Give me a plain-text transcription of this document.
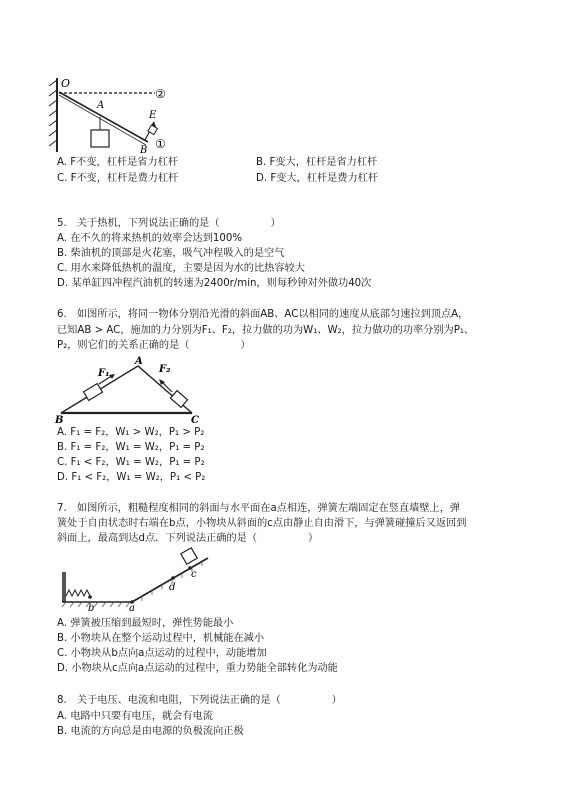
O
②
A
E
B ①
A. F不变，杠杆是省力杠杆	B. F变大，杠杆是省力杠杆
C. F不变，杠杆是费力杠杆	D. F变大，杠杆是费力杠杆
5.　关于热机，下列说法正确的是（　　　　　）
A. 在不久的将来热机的效率会达到100%
B. 柴油机的顶部是火花塞，吸气冲程吸入的是空气
C. 用水来降低热机的温度，主要是因为水的比热容较大
D. 某单缸四冲程汽油机的转速为2400r/min，则每秒钟对外做功40次
6.　如图所示，将同一物体分别沿光滑的斜面AB、AC以相同的速度从底部匀速拉到顶点A，
已知AB > AC，施加的力分别为F₁、F₂，拉力做的功为W₁、W₂，拉力做功的功率分别为P₁、
P₂，则它们的关系正确的是（　　　　　）
A
B	C
F₁	F₂
A. F₁ = F₂，W₁ > W₂，P₁ > P₂
B. F₁ = F₂，W₁ = W₂，P₁ = P₂
C. F₁ < F₂，W₁ = W₂，P₁ = P₂
D. F₁ < F₂，W₁ = W₂，P₁ < P₂
7.　如图所示，粗糙程度相同的斜面与水平面在a点相连，弹簧左端固定在竖直墙壁上，弹
簧处于自由状态时右端在b点，小物块从斜面的c点由静止自由滑下，与弹簧碰撞后又返回到
斜面上，最高到达d点．下列说法正确的是（　　　　　）
b	a
d
c
A. 弹簧被压缩到最短时，弹性势能最小
B. 小物块从在整个运动过程中，机械能在减小
C. 小物块从b点向a点运动的过程中，动能增加
D. 小物块从c点向a点运动的过程中，重力势能全部转化为动能
8.　关于电压、电流和电阻，下列说法正确的是（　　　　　）
A. 电路中只要有电压，就会有电流
B. 电流的方向总是由电源的负极流向正极
